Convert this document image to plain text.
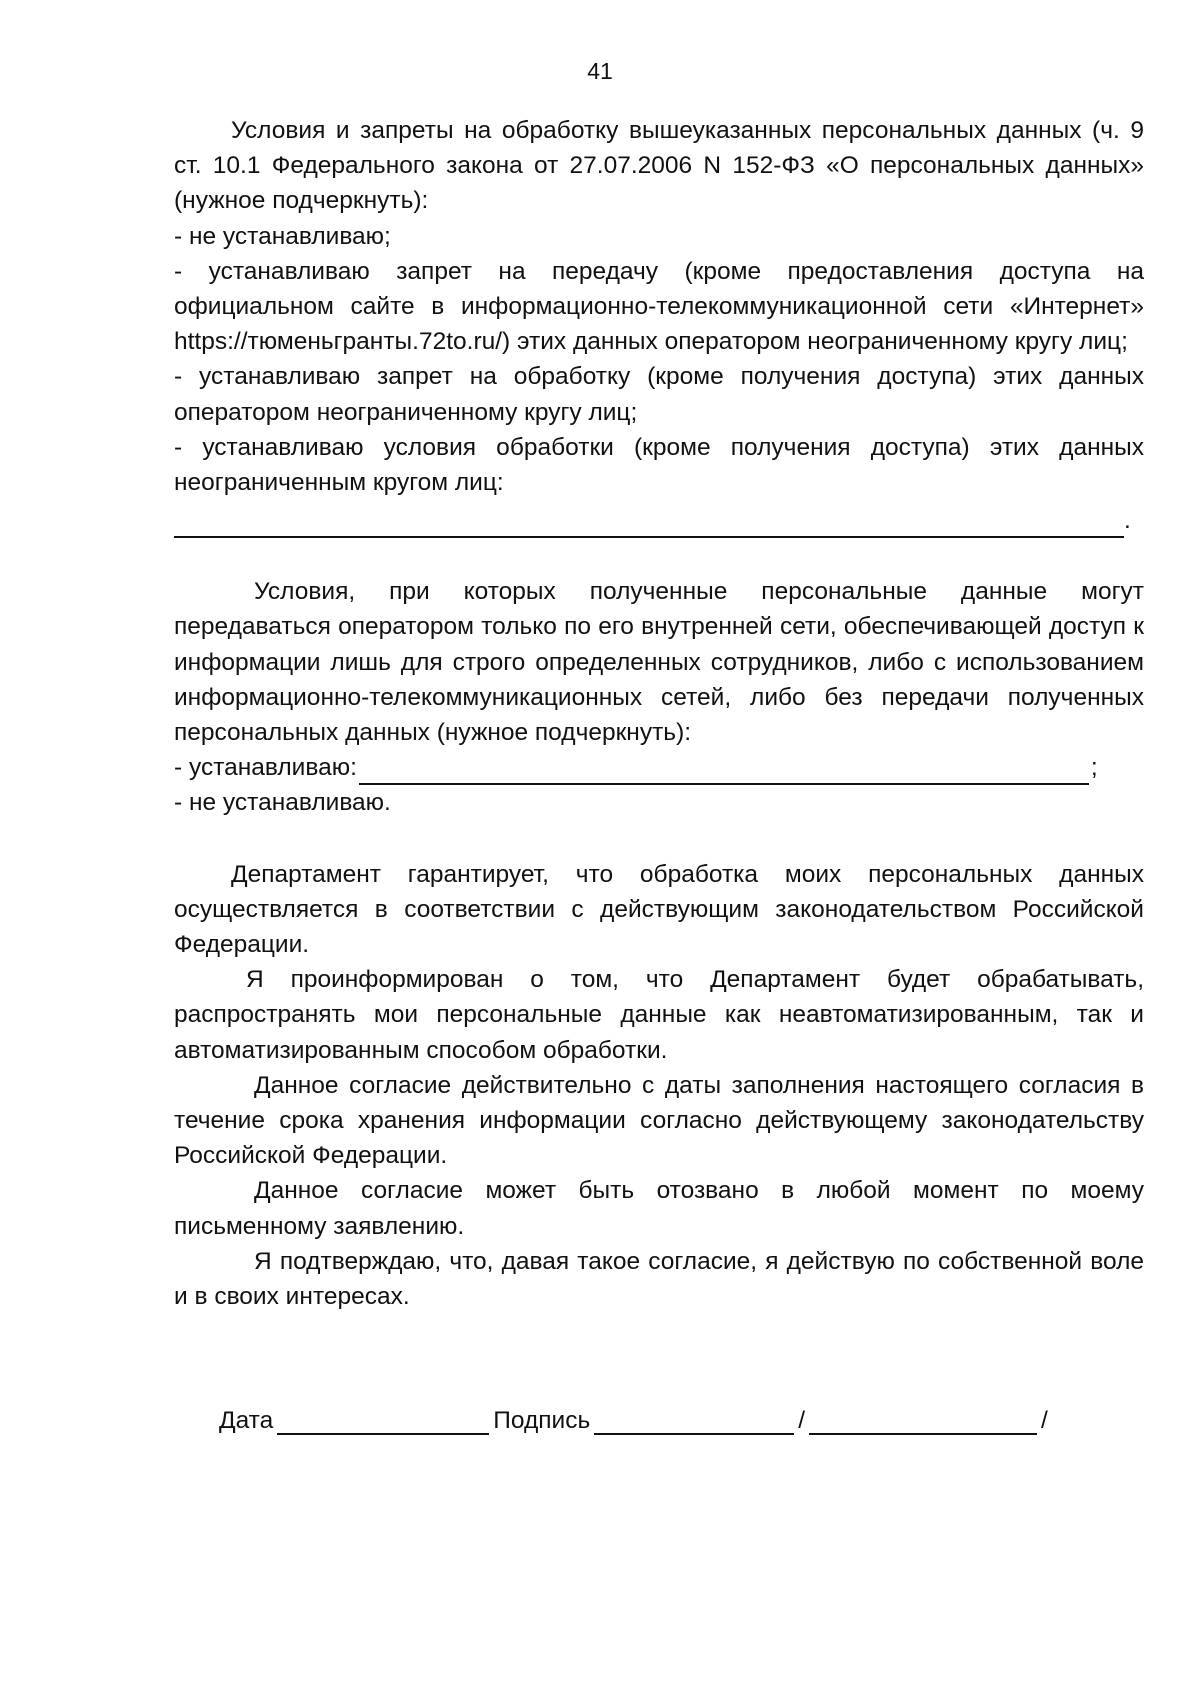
41

Условия и запреты на обработку вышеуказанных персональных данных (ч. 9 ст. 10.1 Федерального закона от 27.07.2006 N 152-ФЗ «О персональных данных» (нужное подчеркнуть):

- не устанавливаю;

- устанавливаю запрет на передачу (кроме предоставления доступа на официальном сайте в информационно-телекоммуникационной сети «Интернет» https://тюменьгранты.72to.ru/) этих данных оператором неограниченному кругу лиц;

- устанавливаю запрет на обработку (кроме получения доступа) этих данных оператором неограниченному кругу лиц;

- устанавливаю условия обработки (кроме получения доступа) этих данных неограниченным кругом лиц:

.

Условия, при которых полученные персональные данные могут передаваться оператором только по его внутренней сети, обеспечивающей доступ к информации лишь для строго определенных сотрудников, либо с использованием информационно-телекоммуникационных сетей, либо без передачи полученных персональных данных (нужное подчеркнуть):

- устанавливаю:	;

- не устанавливаю.

Департамент гарантирует, что обработка моих персональных данных осуществляется в соответствии с действующим законодательством Российской Федерации.

Я проинформирован о том, что Департамент будет обрабатывать, распространять мои персональные данные как неавтоматизированным, так и автоматизированным способом обработки.

Данное согласие действительно с даты заполнения настоящего согласия в течение срока хранения информации согласно действующему законодательству Российской Федерации.

Данное согласие может быть отозвано в любой момент по моему письменному заявлению.

Я подтверждаю, что, давая такое согласие, я действую по собственной воле и в своих интересах.

Дата	Подпись	/	/
